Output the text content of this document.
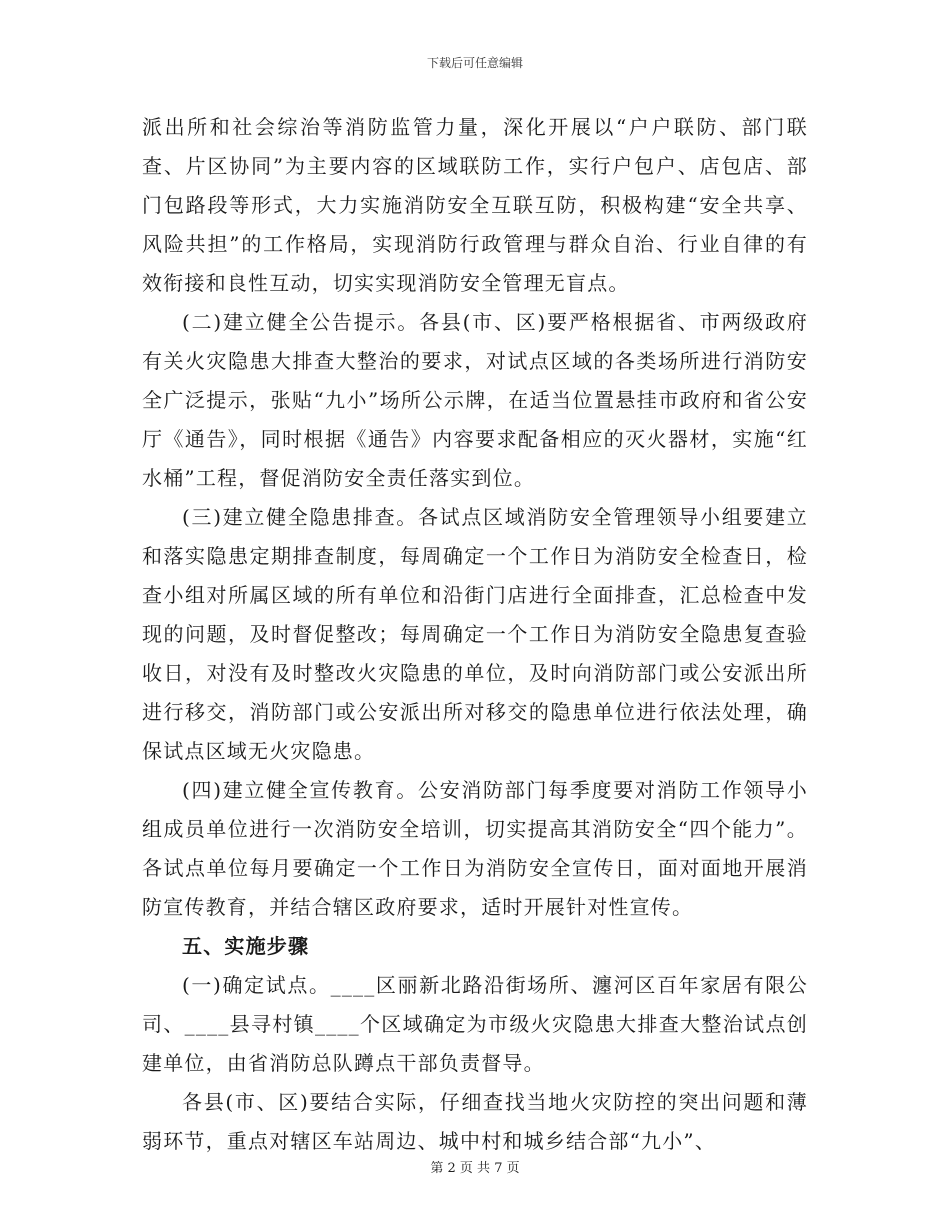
下载后可任意编辑

派出所和社会综治等消防监管力量，深化开展以“户户联防、部门联查、片区协同”为主要内容的区域联防工作，实行户包户、店包店、部门包路段等形式，大力实施消防安全互联互防，积极构建“安全共享、风险共担”的工作格局，实现消防行政管理与群众自治、行业自律的有效衔接和良性互动，切实实现消防安全管理无盲点。

(二)建立健全公告提示。各县(市、区)要严格根据省、市两级政府有关火灾隐患大排查大整治的要求，对试点区域的各类场所进行消防安全广泛提示，张贴“九小”场所公示牌，在适当位置悬挂市政府和省公安厅《通告》，同时根据《通告》内容要求配备相应的灭火器材，实施“红水桶”工程，督促消防安全责任落实到位。

(三)建立健全隐患排查。各试点区域消防安全管理领导小组要建立和落实隐患定期排查制度，每周确定一个工作日为消防安全检查日，检查小组对所属区域的所有单位和沿街门店进行全面排查，汇总检查中发现的问题，及时督促整改；每周确定一个工作日为消防安全隐患复查验收日，对没有及时整改火灾隐患的单位，及时向消防部门或公安派出所进行移交，消防部门或公安派出所对移交的隐患单位进行依法处理，确保试点区域无火灾隐患。

(四)建立健全宣传教育。公安消防部门每季度要对消防工作领导小组成员单位进行一次消防安全培训，切实提高其消防安全“四个能力”。各试点单位每月要确定一个工作日为消防安全宣传日，面对面地开展消防宣传教育，并结合辖区政府要求，适时开展针对性宣传。

五、实施步骤

(一)确定试点。____区丽新北路沿街场所、瀍河区百年家居有限公司、____县寻村镇____个区域确定为市级火灾隐患大排查大整治试点创建单位，由省消防总队蹲点干部负责督导。

各县(市、区)要结合实际，仔细查找当地火灾防控的突出问题和薄弱环节，重点对辖区车站周边、城中村和城乡结合部“九小”、

第 2 页 共 7 页
